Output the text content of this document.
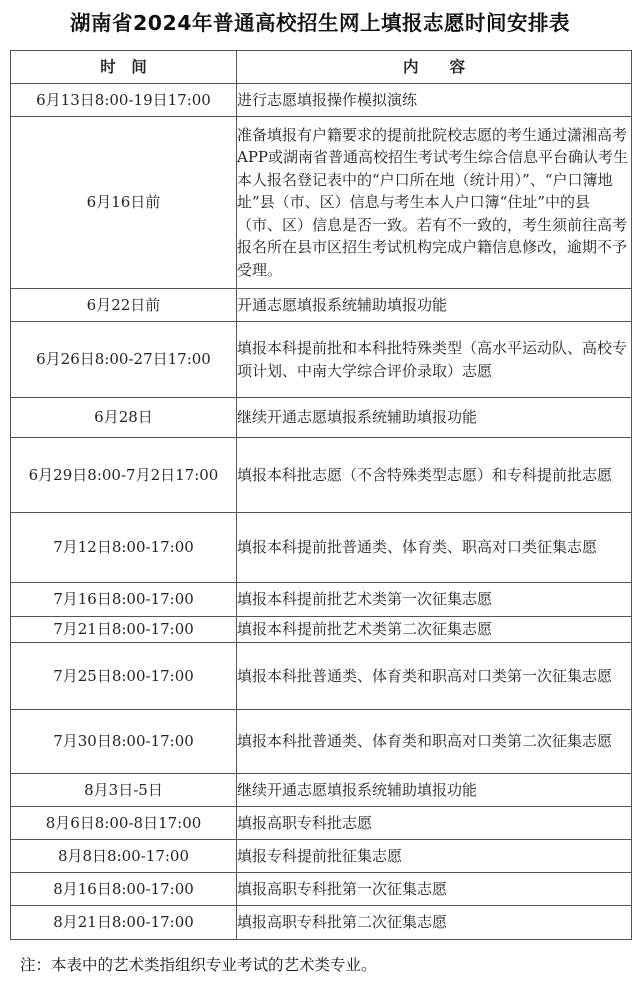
湖南省2024年普通高校招生网上填报志愿时间安排表
时　间	内　　容
6月13日8:00-19日17:00	进行志愿填报操作模拟演练
6月16日前	准备填报有户籍要求的提前批院校志愿的考生通过潇湘高考APP或湖南省普通高校招生考试考生综合信息平台确认考生本人报名登记表中的“户口所在地（统计用）”、“户口簿地址”县（市、区）信息与考生本人户口簿“住址”中的县（市、区）信息是否一致。若有不一致的，考生须前往高考报名所在县市区招生考试机构完成户籍信息修改，逾期不予受理。
6月22日前	开通志愿填报系统辅助填报功能
6月26日8:00-27日17:00	填报本科提前批和本科批特殊类型（高水平运动队、高校专项计划、中南大学综合评价录取）志愿
6月28日	继续开通志愿填报系统辅助填报功能
6月29日8:00-7月2日17:00	填报本科批志愿（不含特殊类型志愿）和专科提前批志愿
7月12日8:00-17:00	填报本科提前批普通类、体育类、职高对口类征集志愿
7月16日8:00-17:00	填报本科提前批艺术类第一次征集志愿
7月21日8:00-17:00	填报本科提前批艺术类第二次征集志愿
7月25日8:00-17:00	填报本科批普通类、体育类和职高对口类第一次征集志愿
7月30日8:00-17:00	填报本科批普通类、体育类和职高对口类第二次征集志愿
8月3日-5日	继续开通志愿填报系统辅助填报功能
8月6日8:00-8日17:00	填报高职专科批志愿
8月8日8:00-17:00	填报专科提前批征集志愿
8月16日8:00-17:00	填报高职专科批第一次征集志愿
8月21日8:00-17:00	填报高职专科批第二次征集志愿
注：本表中的艺术类指组织专业考试的艺术类专业。
